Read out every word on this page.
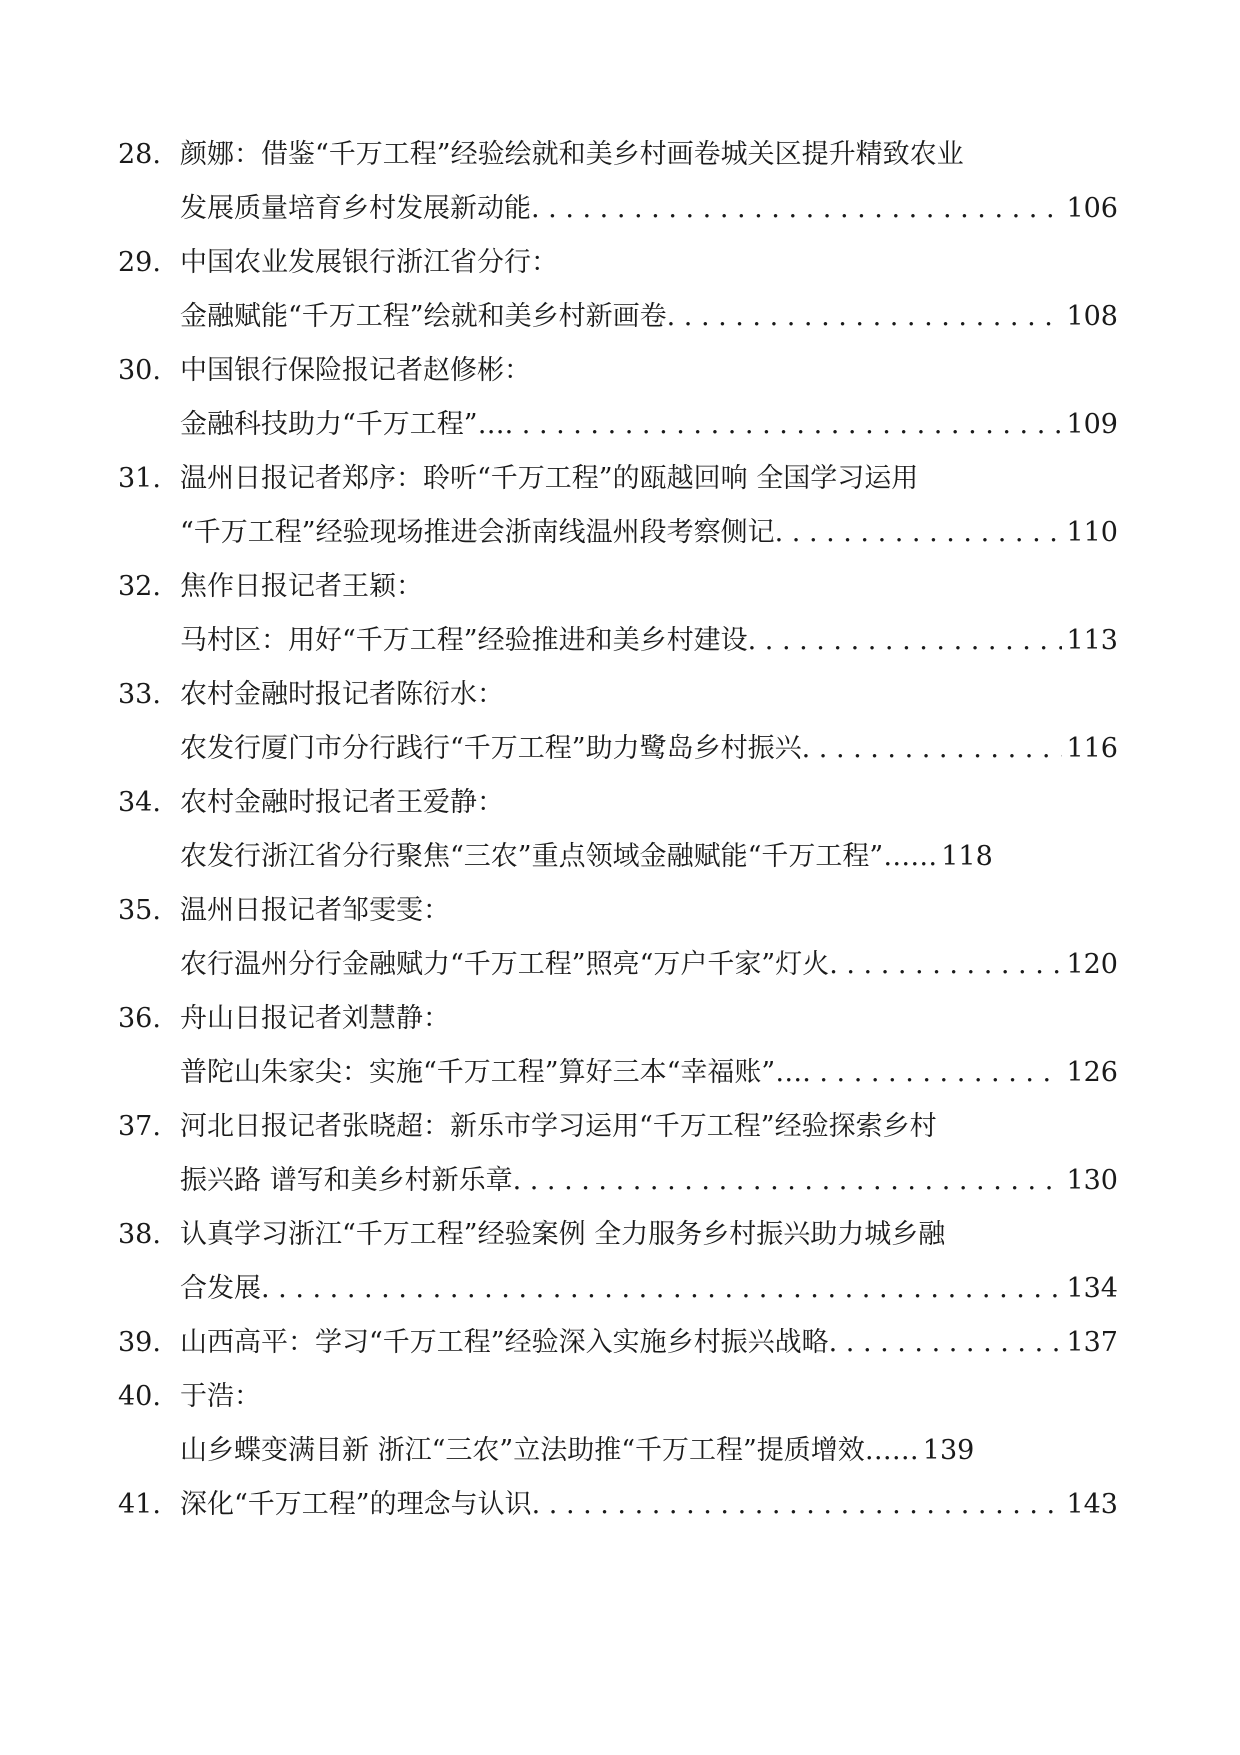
28. 颜娜：借鉴“千万工程”经验绘就和美乡村画卷城关区提升精致农业
发展质量培育乡村发展新动能 . . .	106
29. 中国农业发展银行浙江省分行：
金融赋能“千万工程”绘就和美乡村新画卷 . . .	108
30. 中国银行保险报记者赵修彬：
金融科技助力“千万工程”… . . .	109
31. 温州日报记者郑序：聆听“千万工程”的瓯越回响 全国学习运用
“千万工程”经验现场推进会浙南线温州段考察侧记 . . .	110
32. 焦作日报记者王颖：
马村区：用好“千万工程”经验推进和美乡村建设 . . .	113
33. 农村金融时报记者陈衍水：
农发行厦门市分行践行“千万工程”助力鹭岛乡村振兴 . . .	116
34. 农村金融时报记者王爱静：
农发行浙江省分行聚焦“三农”重点领域金融赋能“千万工程”…… 118
35. 温州日报记者邹雯雯：
农行温州分行金融赋力“千万工程”照亮“万户千家”灯火 . . .	120
36. 舟山日报记者刘慧静：
普陀山朱家尖：实施“千万工程”算好三本“幸福账”… . . .	126
37. 河北日报记者张晓超：新乐市学习运用“千万工程”经验探索乡村
振兴路 谱写和美乡村新乐章 . . .	130
38. 认真学习浙江“千万工程”经验案例 全力服务乡村振兴助力城乡融
合发展 . . .	134
39. 山西高平：学习“千万工程”经验深入实施乡村振兴战略 . . .	137
40. 于浩：
山乡蝶变满目新 浙江“三农”立法助推“千万工程”提质增效…… 139
41. 深化“千万工程”的理念与认识 . . .	143
